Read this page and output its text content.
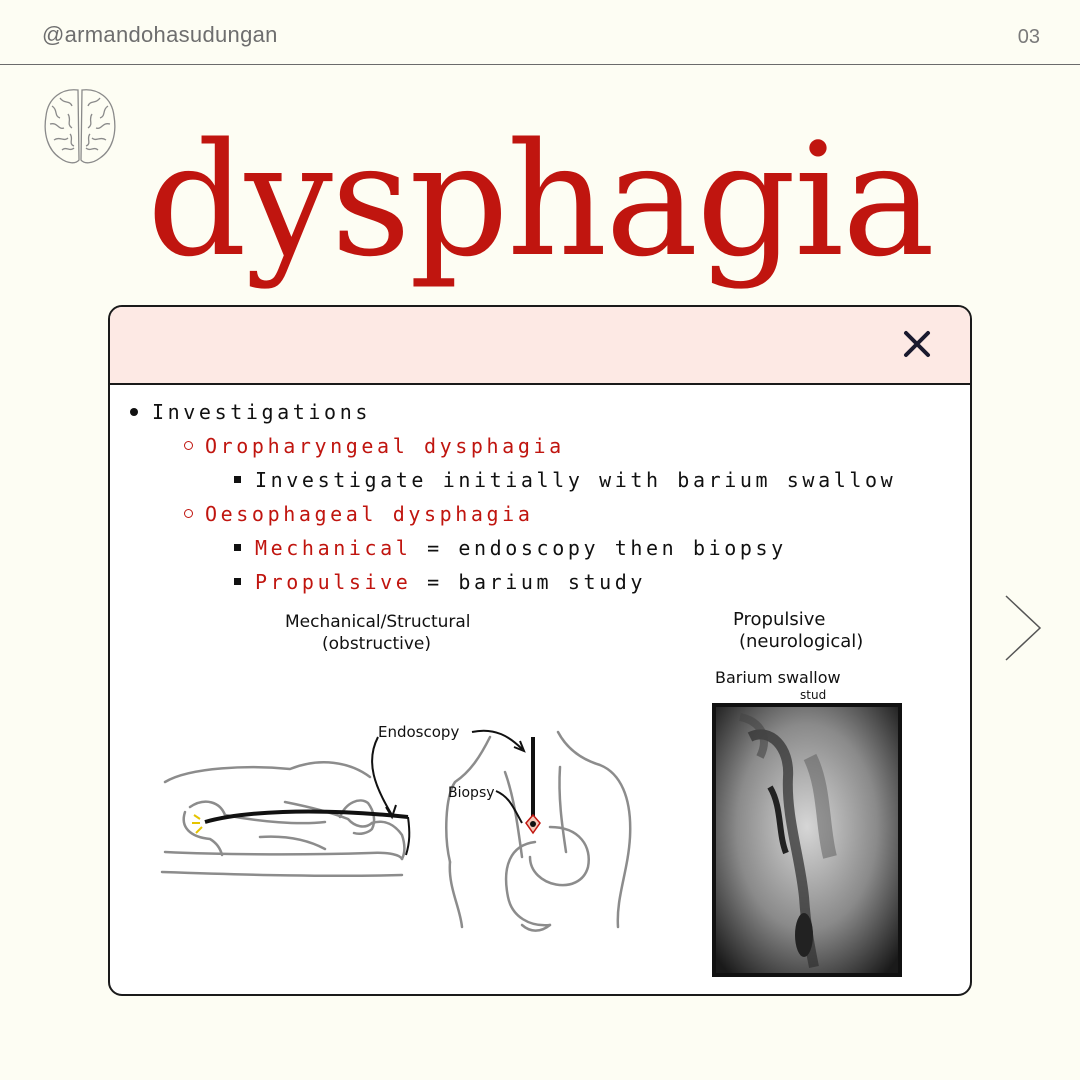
@armandohasudungan	03
dysphagia
Investigations
Oropharyngeal dysphagia
Investigate initially with barium swallow
Oesophageal dysphagia
Mechanical = endoscopy then biopsy
Propulsive = barium study
Mechanical/Structural
(obstructive)
Endoscopy
Biopsy
Propulsive
(neurological)
Barium swallow
stud
